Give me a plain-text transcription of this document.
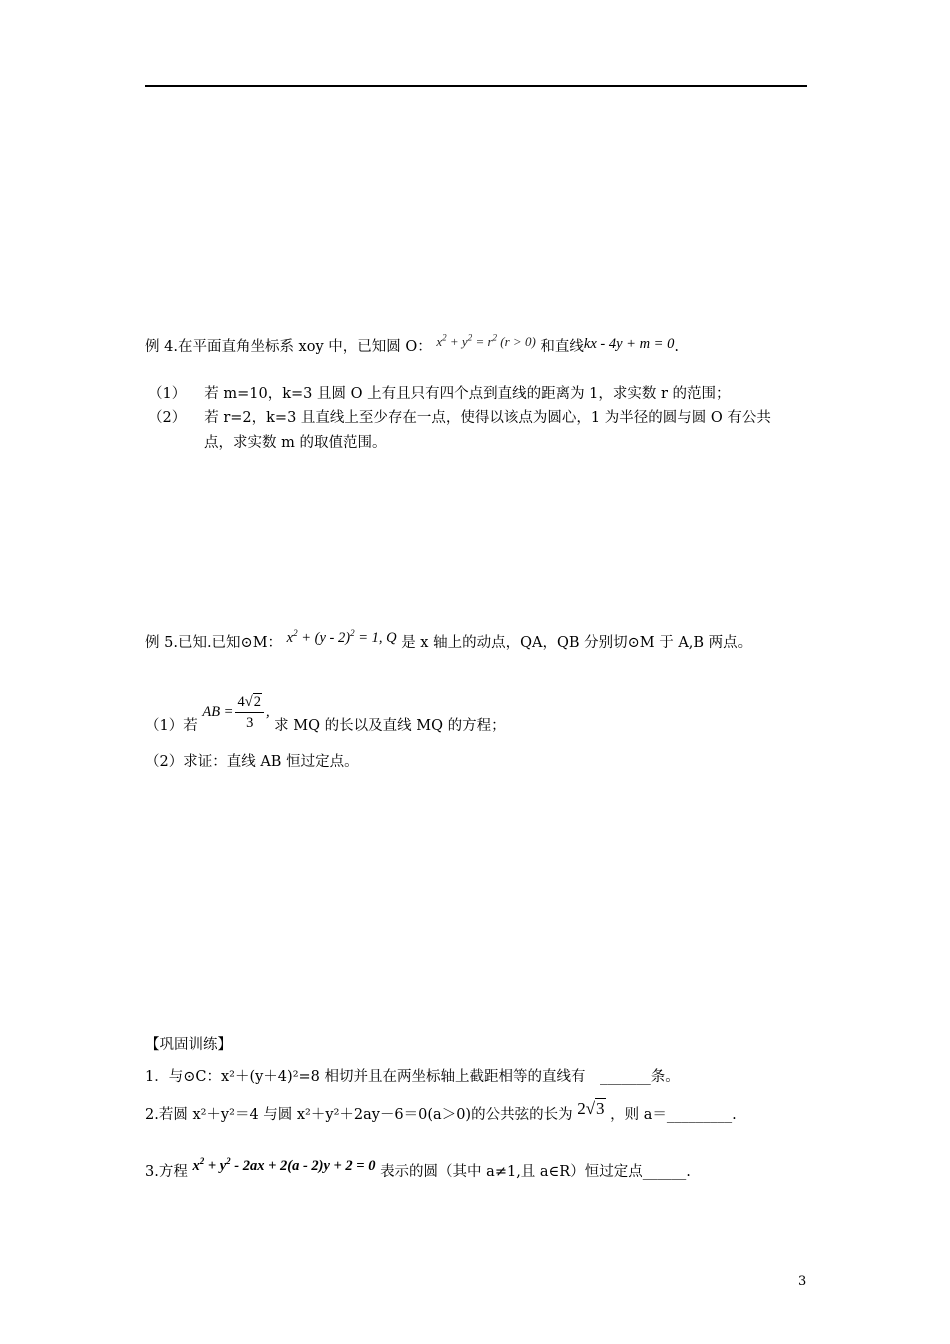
例 4.在平面直角坐标系 xoy 中，已知圆 O： $x^2 + y^2 = r^2$ (r > 0) 和直线kx - 4y + m = 0.
（1） 若 m=10，k=3 且圆 O 上有且只有四个点到直线的距离为 1，求实数 r 的范围；
（2） 若 r=2，k=3 且直线上至少存在一点，使得以该点为圆心，1 为半径的圆与圆 O 有公共
点，求实数 m 的取值范围。
例 5.已知.已知⊙M： $x^2 + (y - 2)^2 = 1$, Q 是 x 轴上的动点，QA，QB 分别切⊙M 于 A,B 两点。
（1）若 AB = $\frac{4√2}{3}$ , 求 MQ 的长以及直线 MQ 的方程；
（2）求证：直线 AB 恒过定点。
【巩固训练】
1．与⊙C：x²＋(y＋4)²=8 相切并且在两坐标轴上截距相等的直线有　_______条。
2.若圆 x²＋y²＝4 与圆 x²＋y²＋2ay－6＝0(a＞0)的公共弦的长为 2√3 ，则 a＝_________.
3.方程 $x^2 + y^2 - 2ax + 2(a - 2)y + 2 = 0$ 表示的圆（其中 a≠1,且 a∈R）恒过定点______.
3
